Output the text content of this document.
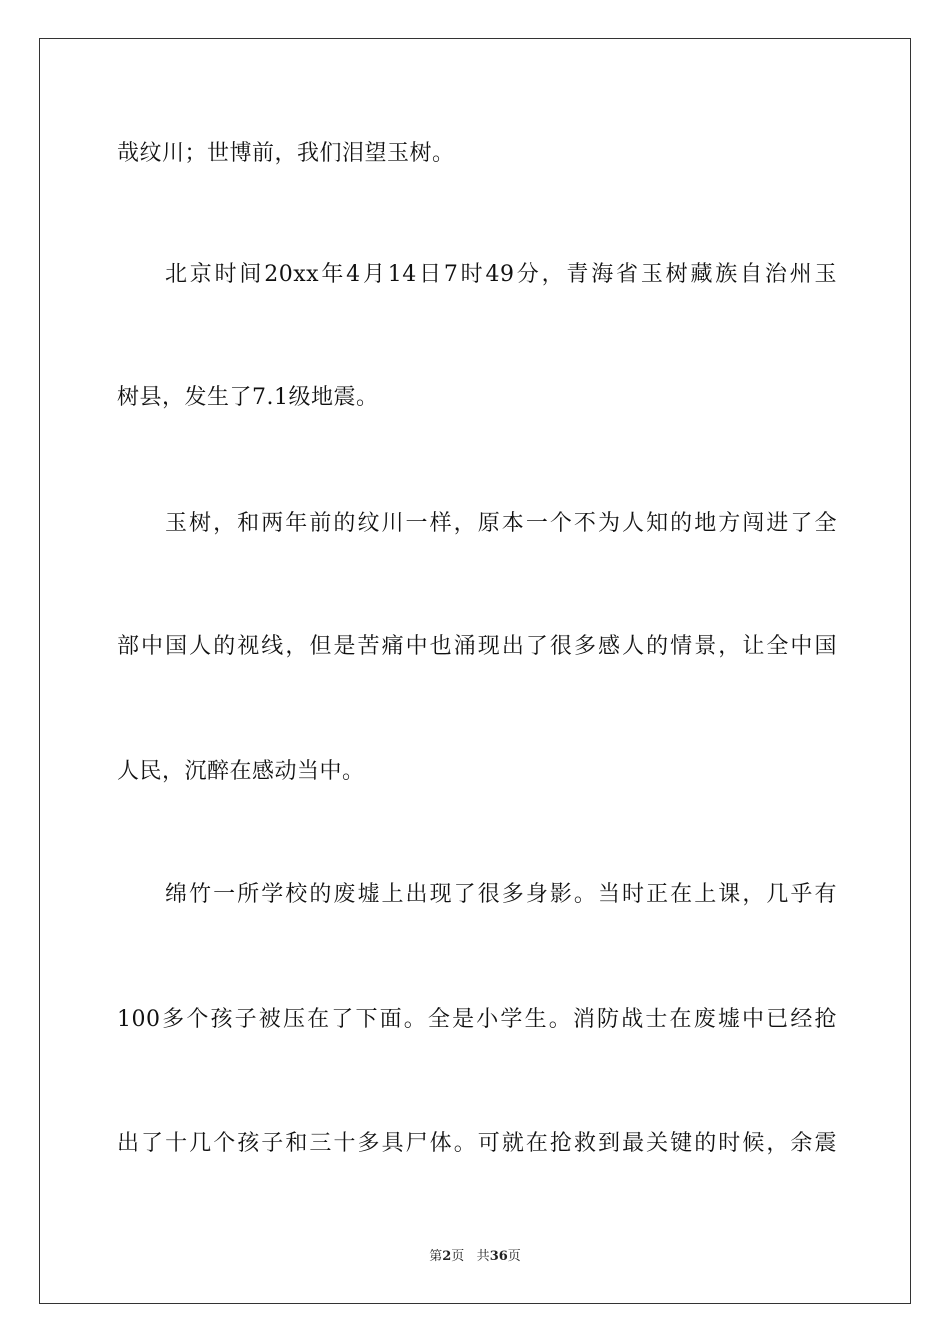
哉纹川；世博前，我们泪望玉树。
北京时间20xx年4月14日7时49分，青海省玉树藏族自治州玉
树县，发生了7.1级地震。
玉树，和两年前的纹川一样，原本一个不为人知的地方闯进了全
部中国人的视线，但是苦痛中也涌现出了很多感人的情景，让全中国
人民，沉醉在感动当中。
绵竹一所学校的废墟上出现了很多身影。当时正在上课，几乎有
100多个孩子被压在了下面。全是小学生。消防战士在废墟中已经抢
出了十几个孩子和三十多具尸体。可就在抢救到最关键的时候，余震
第2页 共36页
